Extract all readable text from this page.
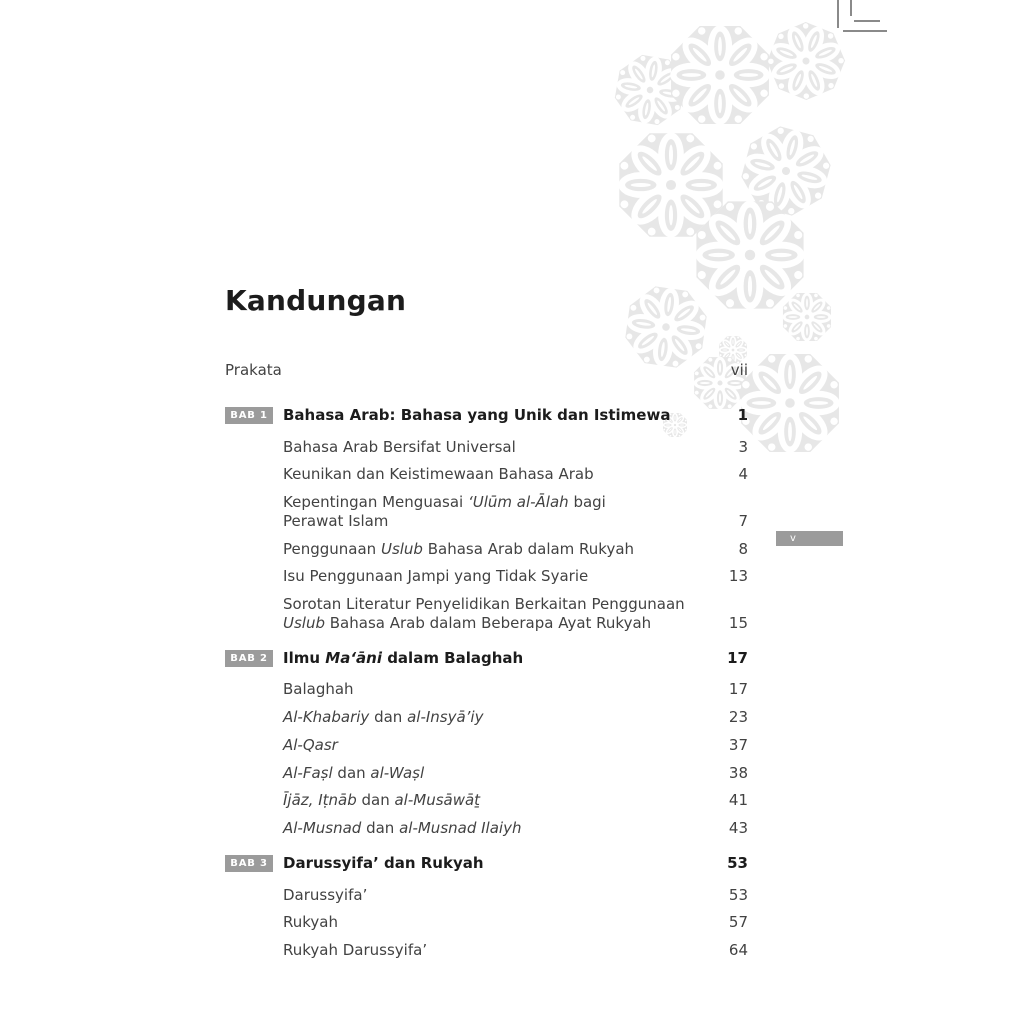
v
Kandungan
Prakata	vii
BAB 1	Bahasa Arab: Bahasa yang Unik dan Istimewa	1
Bahasa Arab Bersifat Universal	3
Keunikan dan Keistimewaan Bahasa Arab	4
Kepentingan Menguasai ‘Ulūm al-Ālah bagi
Perawat Islam	7
Penggunaan Uslub Bahasa Arab dalam Rukyah	8
Isu Penggunaan Jampi yang Tidak Syarie	13
Sorotan Literatur Penyelidikan Berkaitan Penggunaan
Uslub Bahasa Arab dalam Beberapa Ayat Rukyah	15
BAB 2	Ilmu Ma‘āni dalam Balaghah	17
Balaghah	17
Al-Khabariy dan al-Insyā’iy	23
Al-Qasr	37
Al-Faṣl dan al-Waṣl	38
Ījāz, Iṭnāb dan al-Musāwāṯ	41
Al-Musnad dan al-Musnad Ilaiyh	43
BAB 3	Darussyifa’ dan Rukyah	53
Darussyifa’	53
Rukyah	57
Rukyah Darussyifa’	64
